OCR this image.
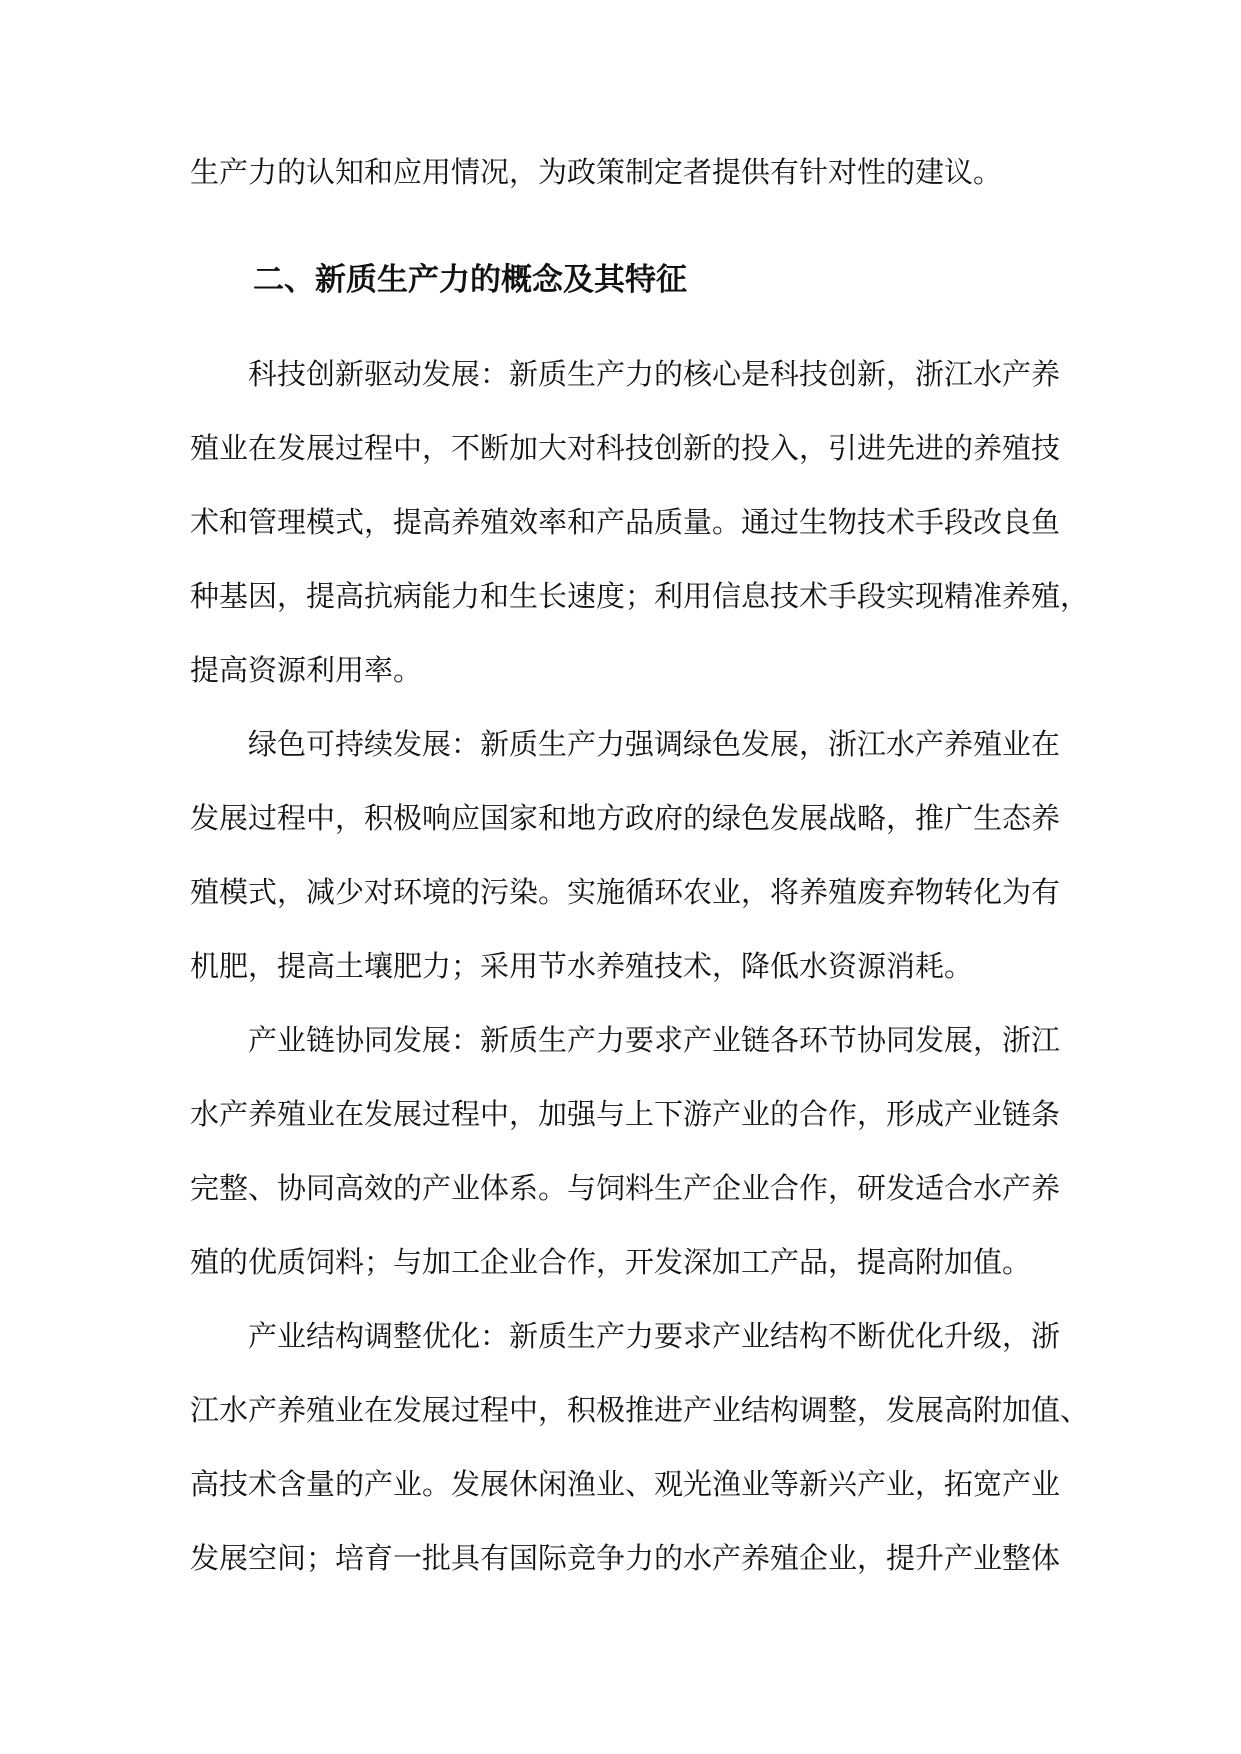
生产力的认知和应用情况，为政策制定者提供有针对性的建议。
二、新质生产力的概念及其特征
科技创新驱动发展：新质生产力的核心是科技创新，浙江水产养
殖业在发展过程中，不断加大对科技创新的投入，引进先进的养殖技
术和管理模式，提高养殖效率和产品质量。通过生物技术手段改良鱼
种基因，提高抗病能力和生长速度；利用信息技术手段实现精准养殖，
提高资源利用率。
绿色可持续发展：新质生产力强调绿色发展，浙江水产养殖业在
发展过程中，积极响应国家和地方政府的绿色发展战略，推广生态养
殖模式，减少对环境的污染。实施循环农业，将养殖废弃物转化为有
机肥，提高土壤肥力；采用节水养殖技术，降低水资源消耗。
产业链协同发展：新质生产力要求产业链各环节协同发展，浙江
水产养殖业在发展过程中，加强与上下游产业的合作，形成产业链条
完整、协同高效的产业体系。与饲料生产企业合作，研发适合水产养
殖的优质饲料；与加工企业合作，开发深加工产品，提高附加值。
产业结构调整优化：新质生产力要求产业结构不断优化升级，浙
江水产养殖业在发展过程中，积极推进产业结构调整，发展高附加值、
高技术含量的产业。发展休闲渔业、观光渔业等新兴产业，拓宽产业
发展空间；培育一批具有国际竞争力的水产养殖企业，提升产业整体
